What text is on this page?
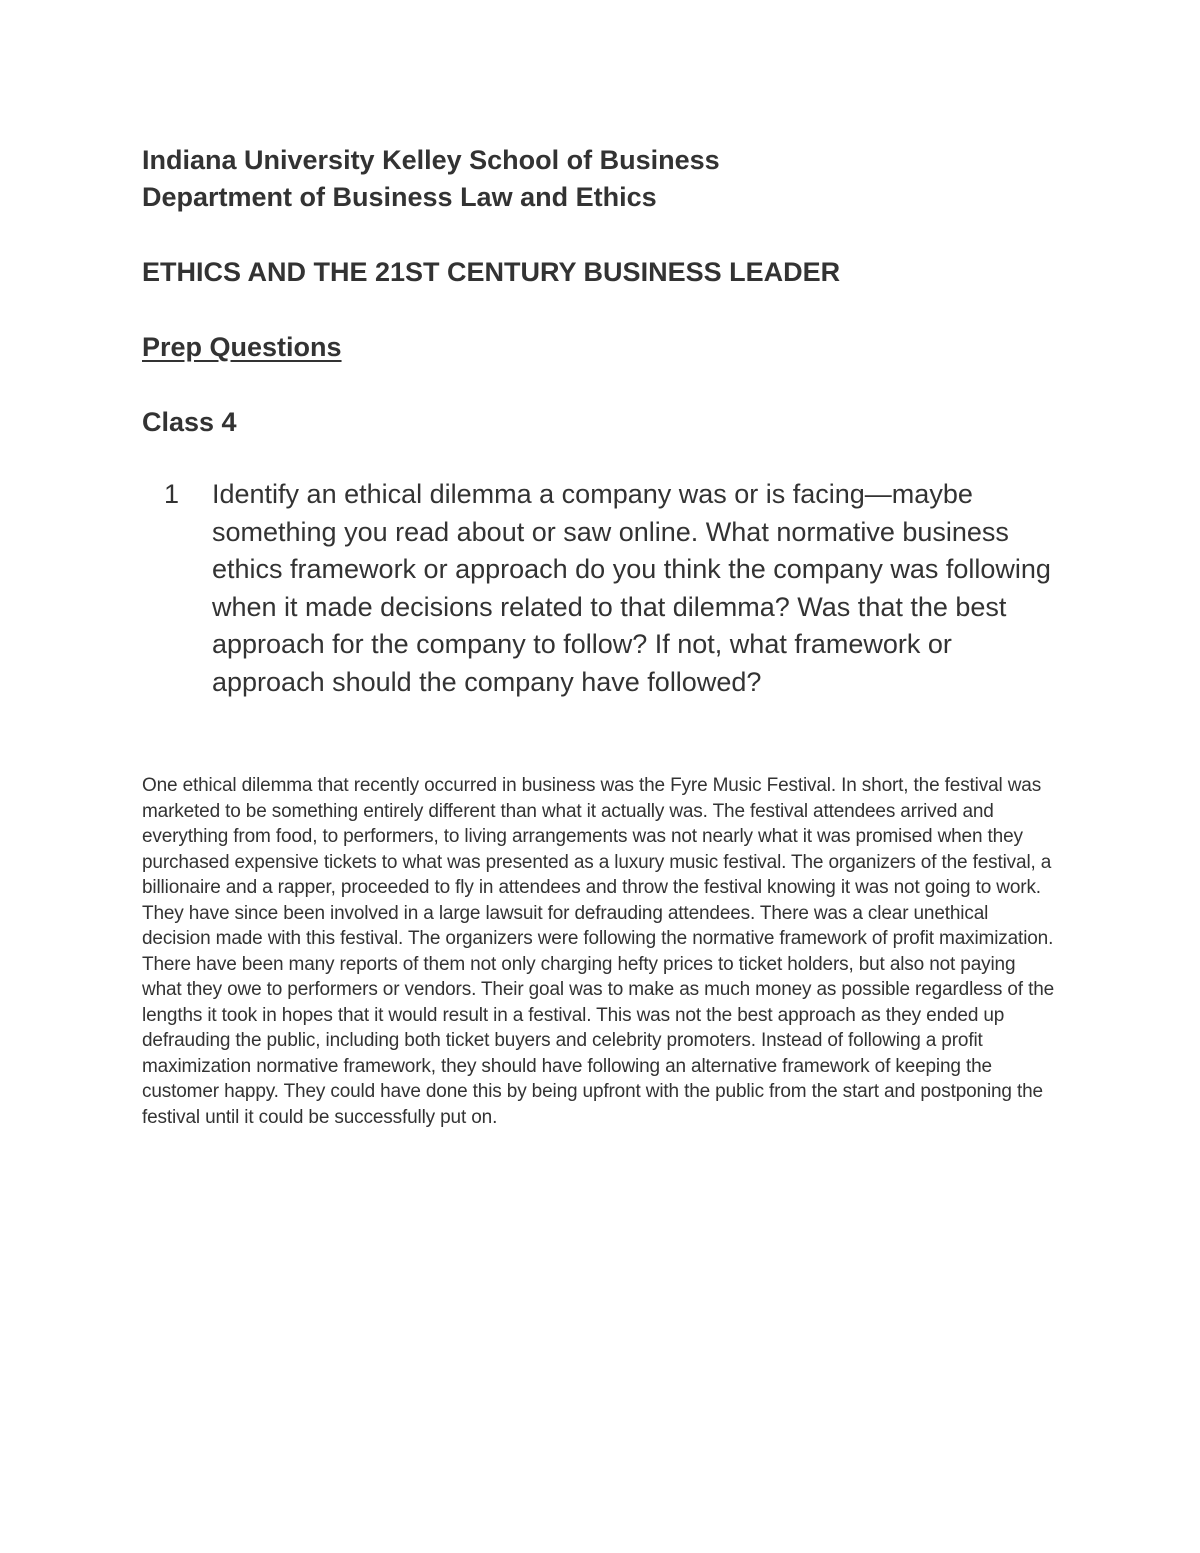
Indiana University Kelley School of Business
Department of Business Law and Ethics
ETHICS AND THE 21ST CENTURY BUSINESS LEADER
Prep Questions
Class 4
1	Identify an ethical dilemma a company was or is facing—maybe something you read about or saw online. What normative business ethics framework or approach do you think the company was following when it made decisions related to that dilemma? Was that the best approach for the company to follow? If not, what framework or approach should the company have followed?

One ethical dilemma that recently occurred in business was the Fyre Music Festival. In short, the festival was marketed to be something entirely different than what it actually was. The festival attendees arrived and everything from food, to performers, to living arrangements was not nearly what it was promised when they purchased expensive tickets to what was presented as a luxury music festival. The organizers of the festival, a billionaire and a rapper, proceeded to fly in attendees and throw the festival knowing it was not going to work. They have since been involved in a large lawsuit for defrauding attendees. There was a clear unethical decision made with this festival. The organizers were following the normative framework of profit maximization. There have been many reports of them not only charging hefty prices to ticket holders, but also not paying what they owe to performers or vendors. Their goal was to make as much money as possible regardless of the lengths it took in hopes that it would result in a festival. This was not the best approach as they ended up defrauding the public, including both ticket buyers and celebrity promoters. Instead of following a profit maximization normative framework, they should have following an alternative framework of keeping the customer happy. They could have done this by being upfront with the public from the start and postponing the festival until it could be successfully put on.
